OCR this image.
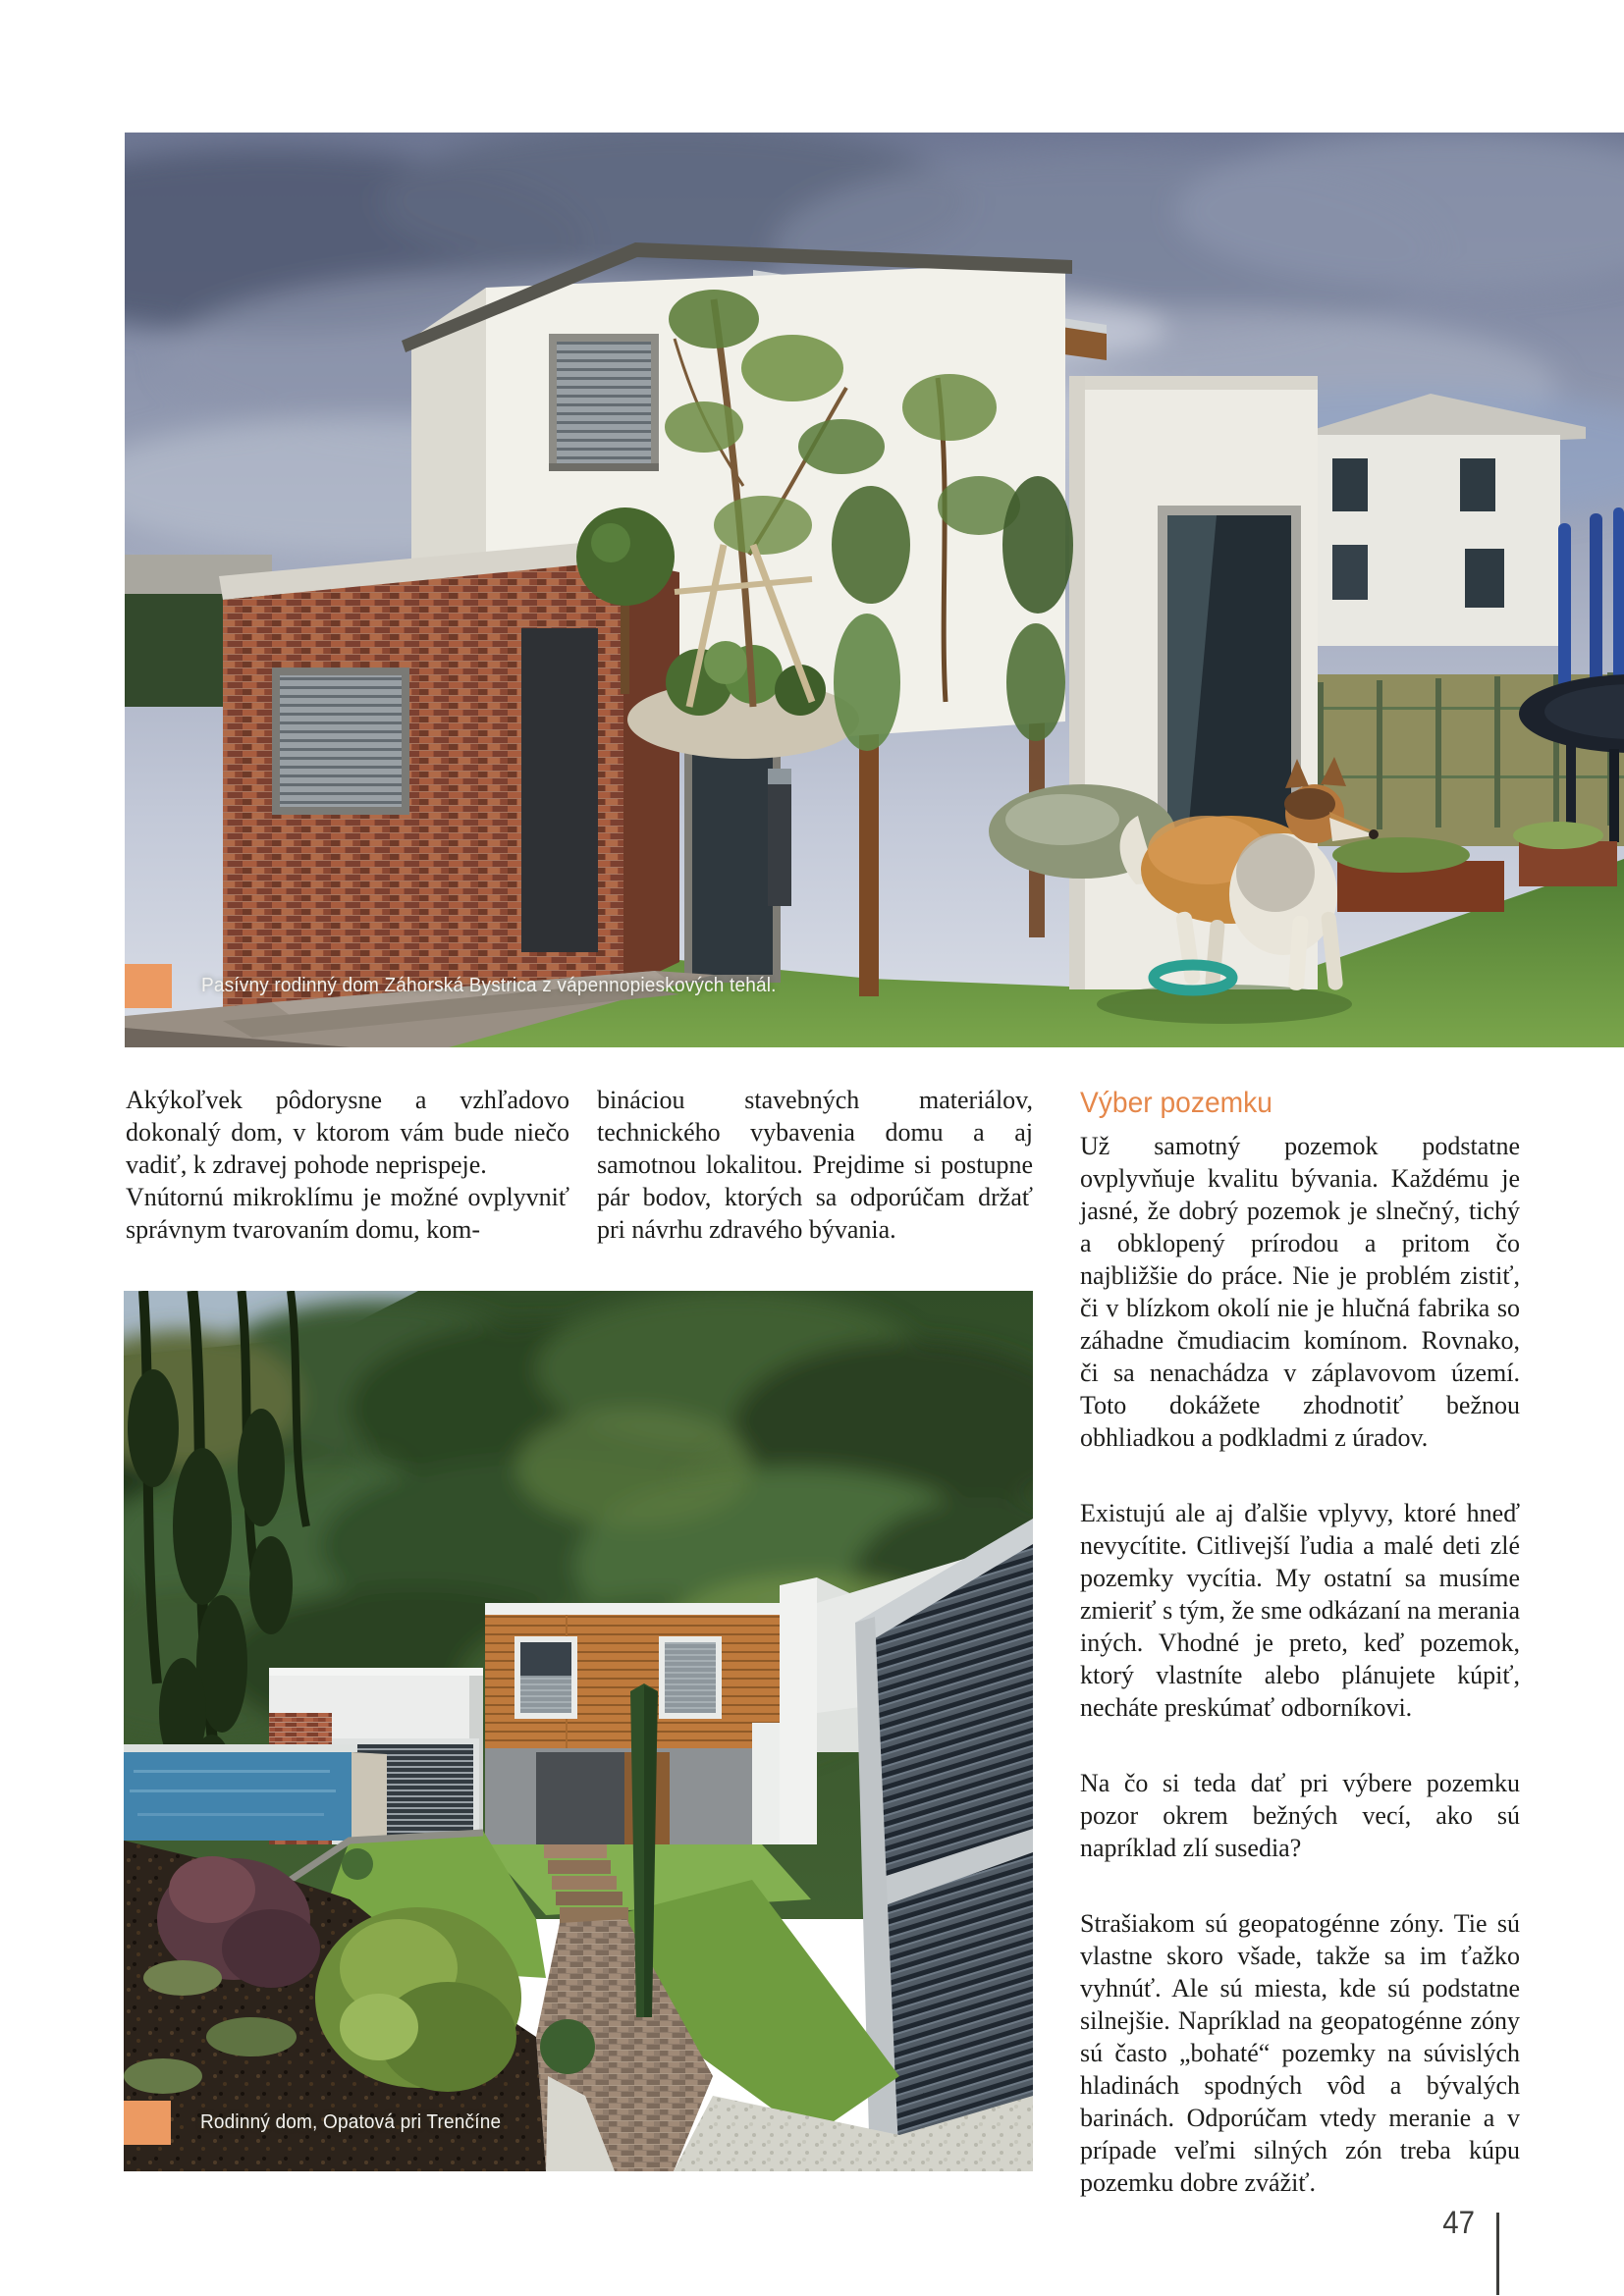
Pasívny rodinný dom Záhorská Bystrica z vápennopieskových tehál.

Akýkoľvek pôdorysne a vzhľadovo dokonalý dom, v ktorom vám bude niečo vadiť, k zdravej pohode neprispeje.

Vnútornú mikroklímu je možné ovplyvniť správnym tvarovaním domu, kom-

bináciou stavebných materiálov, technického vybavenia domu a aj samotnou lokalitou. Prejdime si postupne pár bodov, ktorých sa odporúčam držať pri návrhu zdravého bývania.

Výber pozemku

Už samotný pozemok podstatne ovplyvňuje kvalitu bývania. Každému je jasné, že dobrý pozemok je slnečný, tichý a obklopený prírodou a pritom čo najbližšie do práce. Nie je problém zistiť, či v blízkom okolí nie je hlučná fabrika so záhadne čmudiacim komínom. Rovnako, či sa nenachádza v záplavovom území. Toto dokážete zhodnotiť bežnou obhliadkou a podkladmi z úradov.

Existujú ale aj ďalšie vplyvy, ktoré hneď nevycítite. Citlivejší ľudia a malé deti zlé pozemky vycítia. My ostatní sa musíme zmieriť s tým, že sme odkázaní na merania iných. Vhodné je preto, keď pozemok, ktorý vlastníte alebo plánujete kúpiť, necháte preskúmať odborníkovi.

Na čo si teda dať pri výbere pozemku pozor okrem bežných vecí, ako sú napríklad zlí susedia?

Strašiakom sú geopatogénne zóny. Tie sú vlastne skoro všade, takže sa im ťažko vyhnúť. Ale sú miesta, kde sú podstatne silnejšie. Napríklad na geopatogénne zóny sú často „bohaté“ pozemky na súvislých hladinách spodných vôd a bývalých barinách. Odporúčam vtedy meranie a v prípade veľmi silných zón treba kúpu pozemku dobre zvážiť.

Rodinný dom, Opatová pri Trenčíne
47
